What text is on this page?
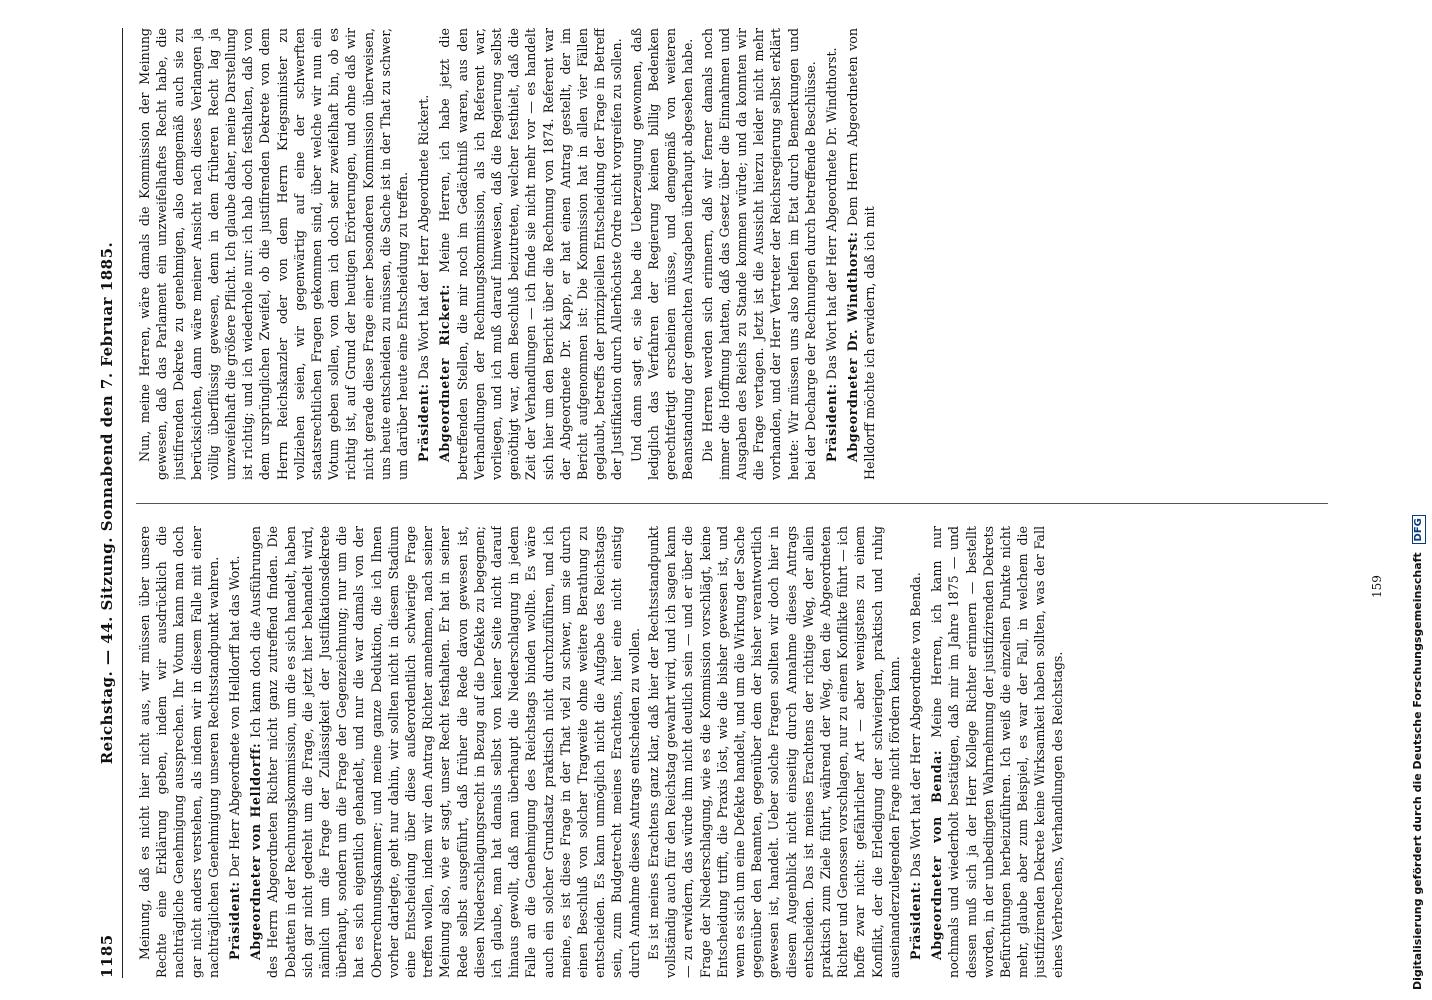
Reichstag. — 44. Sitzung. Sonnabend den 7. Februar 1885.
1185 Meinung, daß es nicht hier nicht aus, wir müssen über unsere Rechte eine Erklärung geben, indem wir ausdrücklich die nachträgliche Genehmigung aussprechen. Ihr Votum kann man doch gar nicht anders verstehen, als indem wir in diesem Falle mit einer nachträglichen Genehmigung unseren Rechtsstandpunkt wahren. Präsident: Der Herr Abgeordnete von Helldorff hat das Wort. Abgeordneter von Helldorff: Ich kann doch die Ausführungen des Herrn Abgeordneten Richter nicht ganz zutreffend finden. Die Debatten in der Rechnungskommission, um die es sich handelt, haben sich gar nicht gedreht um die Frage, die jetzt hier behandelt wird, nämlich um die Frage der Zulässigkeit der Justifikationsdekrete überhaupt, sondern um die Frage der Gegenzeichnung; nur um die hat es sich eigentlich gehandelt, und nur die war damals von der Oberrechnungskammer; und meine ganze Deduktion, die ich Ihnen vorher darlegte, geht nur dahin, wir sollten nicht in diesem Stadium eine Entscheidung über diese außerordentlich schwierige Frage treffen wollen, indem wir den Antrag Richter annehmen, nach seiner Meinung also, wie er sagt, unser Recht festhalten. Er hat in seiner Rede selbst ausgeführt, daß früher die Rede davon gewesen ist, diesen Niederschlagungsrecht in Bezug auf die Defekte zu begegnen; ich glaube, man hat damals selbst von keiner Seite nicht darauf hinaus gewollt, daß man überhaupt die Niederschlagung in jedem Falle an die Genehmigung des Reichstags binden wollte. Es wäre auch ein solcher Grundsatz praktisch nicht durchzuführen, und ich meine, es ist diese Frage in der That viel zu schwer, um sie durch einen Beschluß von solcher Tragweite ohne weitere Berathung zu entscheiden. Es kann unmöglich nicht die Aufgabe des Reichstags sein, zum Budgetrecht meines Erachtens, hier eine nicht einstig durch Annahme dieses Antrags entscheiden zu wollen. Es ist meines Erachtens ganz klar, daß hier der Rechtsstandpunkt vollständig auch für den Reichstag gewahrt wird, und ich sagen kann — zu erwidern, das würde ihm nicht deutlich sein — und er über die Frage der Niederschlagung, wie es die Kommission vorschlägt, keine Entscheidung trifft, die Praxis löst, wie die bisher gewesen ist, und wenn es sich um eine Defekte handelt, und um die Wirkung der Sache gegenüber den Beamten, gegenüber dem der bisher verantwortlich gewesen ist, handelt. Ueber solche Fragen sollten wir doch hier in diesem Augenblick nicht einseitig durch Annahme dieses Antrags entscheiden. Das ist meines Erachtens der richtige Weg, der allein praktisch zum Ziele führt, während der Weg, den die Abgeordneten Richter und Genossen vorschlagen, nur zu einem Konflikte führt — ich hoffe zwar nicht: gefährlicher Art — aber wenigstens zu einem Konflikt, der die Erledigung der schwierigen, praktisch und ruhig auseinanderzulegenden Frage nicht fördern kann. Präsident: Das Wort hat der Herr Abgeordnete von Benda. Abgeordneter von Benda: Meine Herren, ich kann nur nochmals und wiederholt bestätigen, daß mir im Jahre 1875 — und dessen muß sich ja der Herr Kollege Richter erinnern — bestellt worden, in der unbedingten Wahrnehmung der justifizirenden Dekrets Befürchtungen herbeizuführen. Ich weiß die einzelnen Punkte nicht mehr, glaube aber zum Beispiel, es war der Fall, in welchem die justifizirenden Dekrete keine Wirksamkeit haben sollten, was der Fall eines Verbrechens, Verhandlungen des Reichstags.

Nun, meine Herren, wäre damals die Kommission der Meinung gewesen, daß das Parlament ein unzweifelhaftes Recht habe, die justifirenden Dekrete zu genehmigen, also demgemäß auch sie zu berücksichten, dann wäre meiner Ansicht nach dieses Verlangen ja völlig überflüssig gewesen, denn in dem früheren Recht lag ja unzweifelhaft die größere Pflicht. Ich glaube daher, meine Darstellung ist richtig; und ich wiederhole nur: ich hab doch festhalten, daß von dem ursprünglichen Zweifel, ob die justifirenden Dekrete von dem Herrn Reichskanzler oder von dem Herrn Kriegsminister zu vollziehen seien, wir gegenwärtig auf eine der schwerften staatsrechtlichen Fragen gekommen sind, über welche wir nun ein Votum geben sollen, von dem ich doch sehr zweifelhaft bin, ob es richtig ist, auf Grund der heutigen Erörterungen, und ohne daß wir nicht gerade diese Frage einer besonderen Kommission überweisen, uns heute entscheiden zu müssen, die Sache ist in der That zu schwer, um darüber heute eine Entscheidung zu treffen. Präsident: Das Wort hat der Herr Abgeordnete Rickert. Abgeordneter Rickert: Meine Herren, ich habe jetzt die betreffenden Stellen, die mir noch im Gedächtniß waren, aus den Verhandlungen der Rechnungskommission, als ich Referent war, vorliegen, und ich muß darauf hinweisen, daß die Regierung selbst genöthigt war, dem Beschluß beizutreten, welcher festhielt, daß die Zeit der Verhandlungen — ich finde sie nicht mehr vor — es handelt sich hier um den Bericht über die Rechnung von 1874. Referent war der Abgeordnete Dr. Kapp, er hat einen Antrag gestellt, der im Bericht aufgenommen ist: Die Kommission hat in allen vier Fällen geglaubt, betreffs der prinzipiellen Entscheidung der Frage in Betreff der Justifikation durch Allerhöchste Ordre nicht vorgreifen zu sollen. Und dann sagt er, sie habe die Ueberzeugung gewonnen, daß lediglich das Verfahren der Regierung keinen billig Bedenken gerechtfertigt erscheinen müsse, und demgemäß von weiteren Beanstandung der gemachten Ausgaben überhaupt abgesehen habe. Die Herren werden sich erinnern, daß wir ferner damals noch immer die Hoffnung hatten, daß das Gesetz über die Einnahmen und Ausgaben des Reichs zu Stande kommen würde; und da konnten wir die Frage vertagen. Jetzt ist die Aussicht hierzu leider nicht mehr vorhanden, und der Herr Vertreter der Reichsregierung selbst erklärt heute: Wir müssen uns also helfen im Etat durch Bemerkungen und bei der Decharge der Rechnungen durch betreffende Beschlüsse. Präsident: Das Wort hat der Herr Abgeordnete Dr. Windthorst. Abgeordneter Dr. Windthorst: Dem Herrn Abgeordneten von Helldorff möchte ich erwidern, daß ich mit

159 Digitalisierung gefördert durch die Deutsche Forschungsgemeinschaft DFG
